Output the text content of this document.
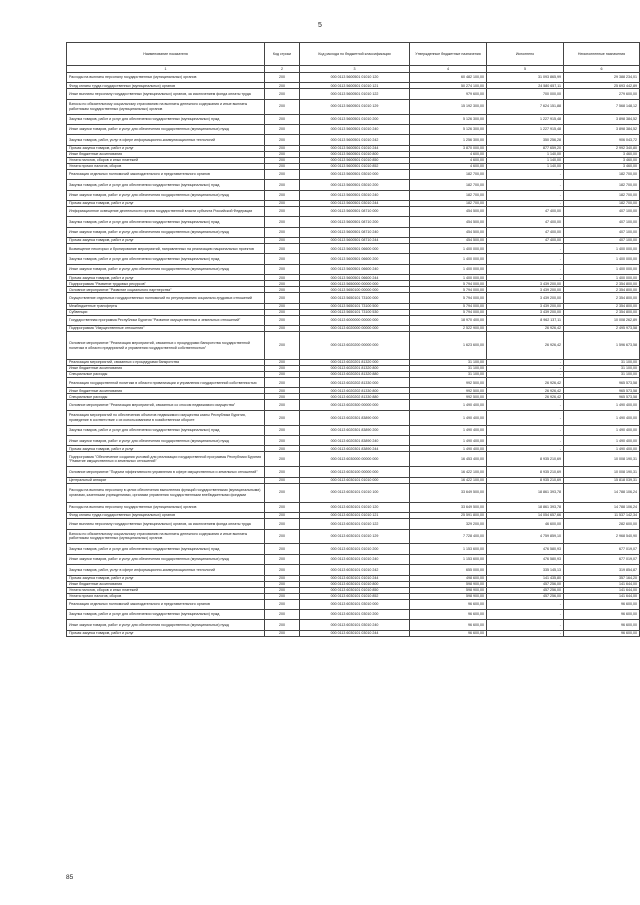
5
Наименование показателя	Код строки	Код расхода по бюджетной классификации	Утвержденные бюджетные назначения	Исполнено	Неисполненные назначения
1	2	3	4	5	6
Расходы на выплаты персоналу государственных (муниципальных) органов	200	000 0113 5600501 01010 120	60 482 100,00	31 093 865,99	29 388 234,01
Фонд оплаты труда государственных (муниципальных) органов	200	000 0113 5600501 01010 121	50 274 100,00	24 580 657,11	25 693 442,89
Иные выплаты персоналу государственных (муниципальных) органов, за исключением фонда оплаты труда	200	000 0113 5600501 01010 122	979 600,00	700 000,00	279 600,00
Взносы по обязательному социальному страхованию на выплаты денежного содержания и иные выплаты работникам государственных (муниципальных) органов	200	000 0113 5600501 01010 129	15 192 300,00	7 624 151,88	7 568 148,12
Закупка товаров, работ и услуг для обеспечения государственных (муниципальных) нужд	200	000 0113 5600501 01010 200	5 126 300,00	1 227 915,48	3 898 384,52
Иные закупки товаров, работ и услуг для обеспечения государственных (муниципальных) нужд	200	000 0113 5600501 01010 240	5 126 300,00	1 227 915,48	3 898 384,52
Закупка товаров, работ, услуг в сфере информационно-коммуникационных технологий	200	000 0113 5600501 01010 242	1 256 300,00	350 256,28	906 043,72
Прочая закупка товаров, работ и услуг	200	000 0113 5600501 01010 244	3 870 000,00	877 659,20	2 992 340,80
Иные бюджетные ассигнования	200	000 0113 5600501 01010 800	4 600,00	1 140,00	3 460,00
Уплата налогов, сборов и иных платежей	200	000 0113 5600501 01010 850	4 600,00	1 140,00	3 460,00
Уплата прочих налогов, сборов	200	000 0113 5600501 01010 852	4 600,00	1 140,00	3 460,00
Реализация отдельных полномочий законодательного и представительного органов	200	000 0113 5600501 03010 000	182 700,00	-	182 700,00
Закупка товаров, работ и услуг для обеспечения государственных (муниципальных) нужд	200	000 0113 5600501 03010 200	182 700,00	-	182 700,00
Иные закупки товаров, работ и услуг для обеспечения государственных (муниципальных) нужд	200	000 0113 5600501 03010 240	182 700,00	-	182 700,00
Прочая закупка товаров, работ и услуг	200	000 0113 5600501 03010 244	182 700,00	-	182 700,00
Информационное освещение деятельности органа государственной власти субъекта Российской Федерации	200	000 0113 5600501 08710 000	454 500,00	47 400,00	407 100,00
Закупка товаров, работ и услуг для обеспечения государственных (муниципальных) нужд	200	000 0113 5600501 08710 200	454 500,00	47 400,00	407 100,00
Иные закупки товаров, работ и услуг для обеспечения государственных (муниципальных) нужд	200	000 0113 5600501 08710 240	454 500,00	47 400,00	407 100,00
Прочая закупка товаров, работ и услуг	200	000 0113 5600501 08710 244	454 500,00	47 400,00	407 100,00
Возмещение некоторых и бронирование мероприятий, направленных на реализацию национальных проектов	200	000 0113 5600501 06600 000	1 400 000,00	-	1 400 000,00
Закупка товаров, работ и услуг для обеспечения государственных (муниципальных) нужд	200	000 0113 5600501 06600 200	1 400 000,00	-	1 400 000,00
Иные закупки товаров, работ и услуг для обеспечения государственных (муниципальных) нужд	200	000 0113 5600501 06600 240	1 400 000,00	-	1 400 000,00
Прочая закупка товаров, работ и услуг	200	000 0113 5600501 06600 244	1 400 000,00	-	1 400 000,00
Подпрограмма "Развитие трудовых ресурсов"	200	000 0113 5650000 00000 000	5 794 000,00	3 439 200,00	2 354 800,00
Основное мероприятие "Развитие социального партнерства"	200	000 0113 5650100 00000 000	5 794 000,00	3 439 200,00	2 354 800,00
Осуществление отдельных государственных полномочий по регулированию социально-трудовых отношений	200	000 0113 5650101 73100 000	5 794 000,00	3 439 200,00	2 354 800,00
Межбюджетные трансферты	200	000 0113 5650101 73100 500	5 794 000,00	3 439 200,00	2 354 800,00
Субвенции	200	000 0113 5650101 73100 530	5 794 000,00	3 439 200,00	2 354 800,00
Государственная программа Республики Бурятия "Развитие имущественных и земельных отношений"	200	000 0113 6000000 00000 000	18 970 400,00	8 962 137,11	10 008 262,89
Подпрограмма "Имущественные отношения"	200	000 0113 6020000 00000 000	2 522 900,00	26 926,42	2 495 973,58
Основное мероприятие "Реализация мероприятий, связанных с процедурами банкротства государственной политики в области предприятий и управления государственной собственностью"	200	000 0113 6020200 00000 000	1 623 600,00	26 926,42	1 596 673,58
Реализация мероприятий, связанных с процедурами банкротства	200	000 0113 6020201 81320 000	31 100,00	-	31 100,00
Иные бюджетные ассигнования	200	000 0113 6020201 81320 800	31 100,00	-	31 100,00
Специальные расходы	200	000 0113 6020201 81320 880	31 100,00	-	31 100,00
Реализация государственной политики в области приватизации и управления государственной собственностью	200	000 0113 6020202 81330 000	992 500,00	26 926,42	965 573,58
Иные бюджетные ассигнования	200	000 0113 6020202 81330 800	992 500,00	26 926,42	965 573,58
Специальные расходы	200	000 0113 6020202 81330 880	992 500,00	26 926,42	965 573,58
Основное мероприятие "Реализация мероприятий, связанных со сносом недвижимого имущества"	200	000 0113 6020300 00000 000	1 490 400,00	-	1 490 400,00
Реализация мероприятий по обеспечению объектов недвижимого имущества казны Республики Бурятия, проведение в соответствие с их использованием в хозяйственном обороте	200	000 0113 6020301 83890 000	1 490 400,00	-	1 490 400,00
Закупка товаров, работ и услуг для обеспечения государственных (муниципальных) нужд	200	000 0113 6020301 83890 200	1 490 400,00	-	1 490 400,00
Иные закупки товаров, работ и услуг для обеспечения государственных (муниципальных) нужд	200	000 0113 6020301 83890 240	1 490 400,00	-	1 490 400,00
Прочая закупка товаров, работ и услуг	200	000 0113 6020301 83890 244	1 490 400,00	-	1 490 400,00
Подпрограмма "Обеспечение создания условий для реализации государственной программы Республики Бурятия "Развитие имущественных и земельных отношений"	200	000 0113 6030000 00000 000	16 453 400,00	8 935 210,69	10 008 190,31
Основное мероприятие "Подъем эффективности управления в сфере имущественных и земельных отношений"	200	000 0113 6030100 00000 000	16 422 100,00	8 935 210,69	10 008 190,31
Центральный аппарат	200	000 0113 6030101 01010 000	16 422 100,00	8 935 210,69	15 818 039,31
Расходы на выплаты персоналу в целях обеспечения выполнения функций государственными (муниципальными) органами, казенными учреждениями, органами управления государственными внебюджетными фондами	200	000 0113 6030101 01010 100	33 649 500,00	18 861 393,78	14 788 106,24
Расходы на выплаты персоналу государственных (муниципальных) органов	200	000 0113 6030101 01010 120	33 649 500,00	18 861 393,78	14 788 106,24
Фонд оплаты труда государственных (муниципальных) органов	200	000 0113 6030101 01010 121	25 591 800,00	14 054 657,66	11 537 142,34
Иные выплаты персоналу государственных (муниципальных) органов, за исключением фонда оплаты труда	200	000 0113 6030101 01010 122	329 200,00	46 600,00	282 600,00
Взносы по обязательному социальному страхованию на выплаты денежного содержания и иные выплаты работникам государственных (муниципальных) органов	200	000 0113 6030101 01010 129	7 728 400,00	4 759 859,10	2 968 540,90
Закупка товаров, работ и услуг для обеспечения государственных (муниципальных) нужд	200	000 0113 6030101 01010 200	1 153 600,00	476 580,93	677 019,07
Иные закупки товаров, работ и услуг для обеспечения государственных (муниципальных) нужд	200	000 0113 6030101 01010 240	1 153 600,00	476 580,93	677 019,07
Закупка товаров, работ, услуг в сфере информационно-коммуникационных технологий	200	000 0113 6030101 01010 242	655 000,00	335 145,13	319 854,87
Прочая закупка товаров, работ и услуг	200	000 0113 6030101 01010 244	498 600,00	141 435,80	357 164,20
Иные бюджетные ассигнования	200	000 0113 6030101 01010 800	598 900,00	457 256,00	141 644,00
Уплата налогов, сборов и иных платежей	200	000 0113 6030101 01010 850	598 900,00	457 256,00	141 644,00
Уплата прочих налогов, сборов	200	000 0113 6030101 01010 852	598 900,00	457 256,00	141 644,00
Реализация отдельных полномочий законодательного и представительного органов	200	000 0113 6030101 03010 000	96 600,00	-	96 600,00
Закупка товаров, работ и услуг для обеспечения государственных (муниципальных) нужд	200	000 0113 6030101 03010 200	96 600,00	-	96 600,00
Иные закупки товаров, работ и услуг для обеспечения государственных (муниципальных) нужд	200	000 0113 6030101 03010 240	96 600,00	-	96 600,00
Прочая закупка товаров, работ и услуг	200	000 0113 6030101 03010 244	96 600,00	-	96 600,00
85
